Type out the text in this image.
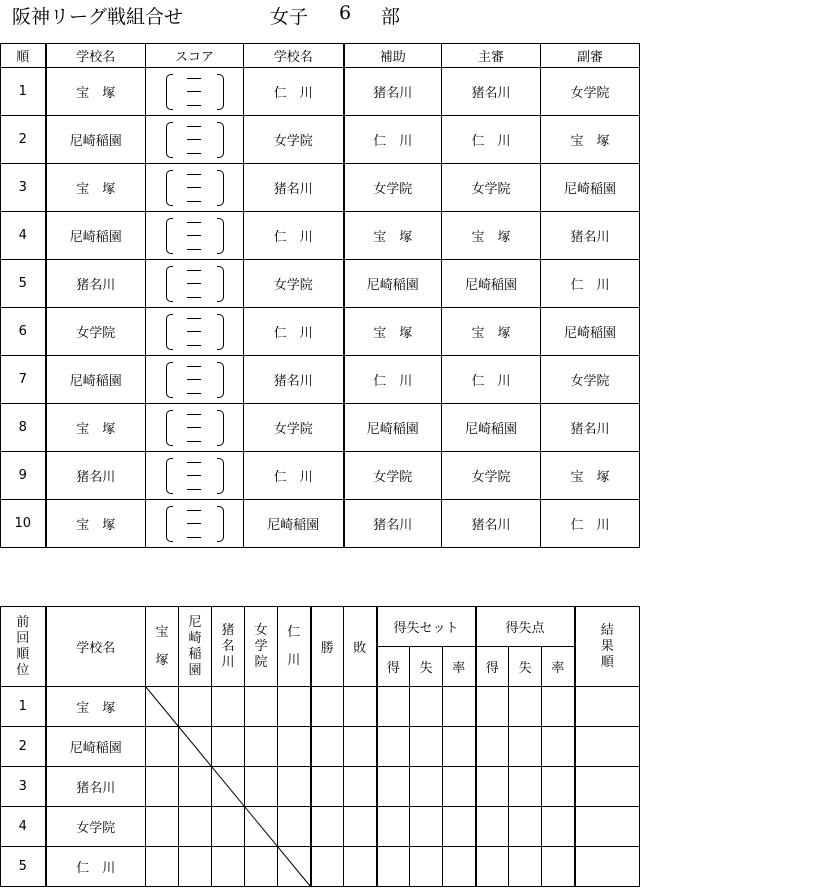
阪神リーグ戦組合せ	女子 6 部
順	学校名	スコア	学校名	補助	主審	副審
1	宝　塚		仁　川	猪名川	猪名川	女学院
2	尼崎稲園		女学院	仁　川	仁　川	宝　塚
3	宝　塚		猪名川	女学院	女学院	尼崎稲園
4	尼崎稲園		仁　川	宝　塚	宝　塚	猪名川
5	猪名川		女学院	尼崎稲園	尼崎稲園	仁　川
6	女学院		仁　川	宝　塚	宝　塚	尼崎稲園
7	尼崎稲園		猪名川	仁　川	仁　川	女学院
8	宝　塚		女学院	尼崎稲園	尼崎稲園	猪名川
9	猪名川		仁　川	女学院	女学院	宝　塚
10	宝　塚		尼崎稲園	猪名川	猪名川	仁　川
前回順位	学校名	宝塚	尼崎稲園	猪名川	女学院	仁川	勝	敗	得失セット			得失点			結果順
									得	失	率	得	失	率	
1	宝　塚														
2	尼崎稲園														
3	猪名川														
4	女学院														
5	仁　川														
